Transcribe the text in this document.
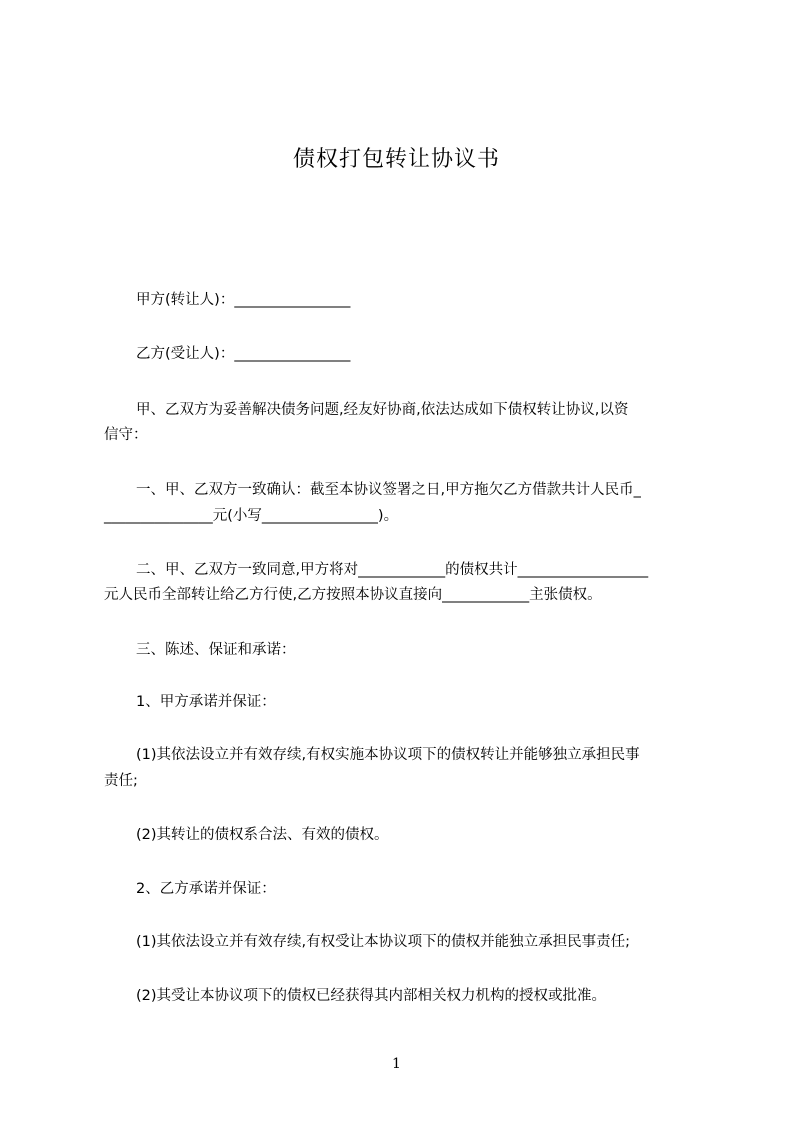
债权打包转让协议书
甲方(转让人)：________________
乙方(受让人)：________________
甲、乙双方为妥善解决债务问题,经友好协商,依法达成如下债权转让协议,以资
信守：
一、甲、乙双方一致确认：截至本协议签署之日,甲方拖欠乙方借款共计人民币_
_______________元(小写________________)。
二、甲、乙双方一致同意,甲方将对____________的债权共计__________________
元人民币全部转让给乙方行使,乙方按照本协议直接向____________主张债权。
三、陈述、保证和承诺：
1、甲方承诺并保证：
(1)其依法设立并有效存续,有权实施本协议项下的债权转让并能够独立承担民事
责任;
(2)其转让的债权系合法、有效的债权。
2、乙方承诺并保证：
(1)其依法设立并有效存续,有权受让本协议项下的债权并能独立承担民事责任;
(2)其受让本协议项下的债权已经获得其内部相关权力机构的授权或批准。
1
